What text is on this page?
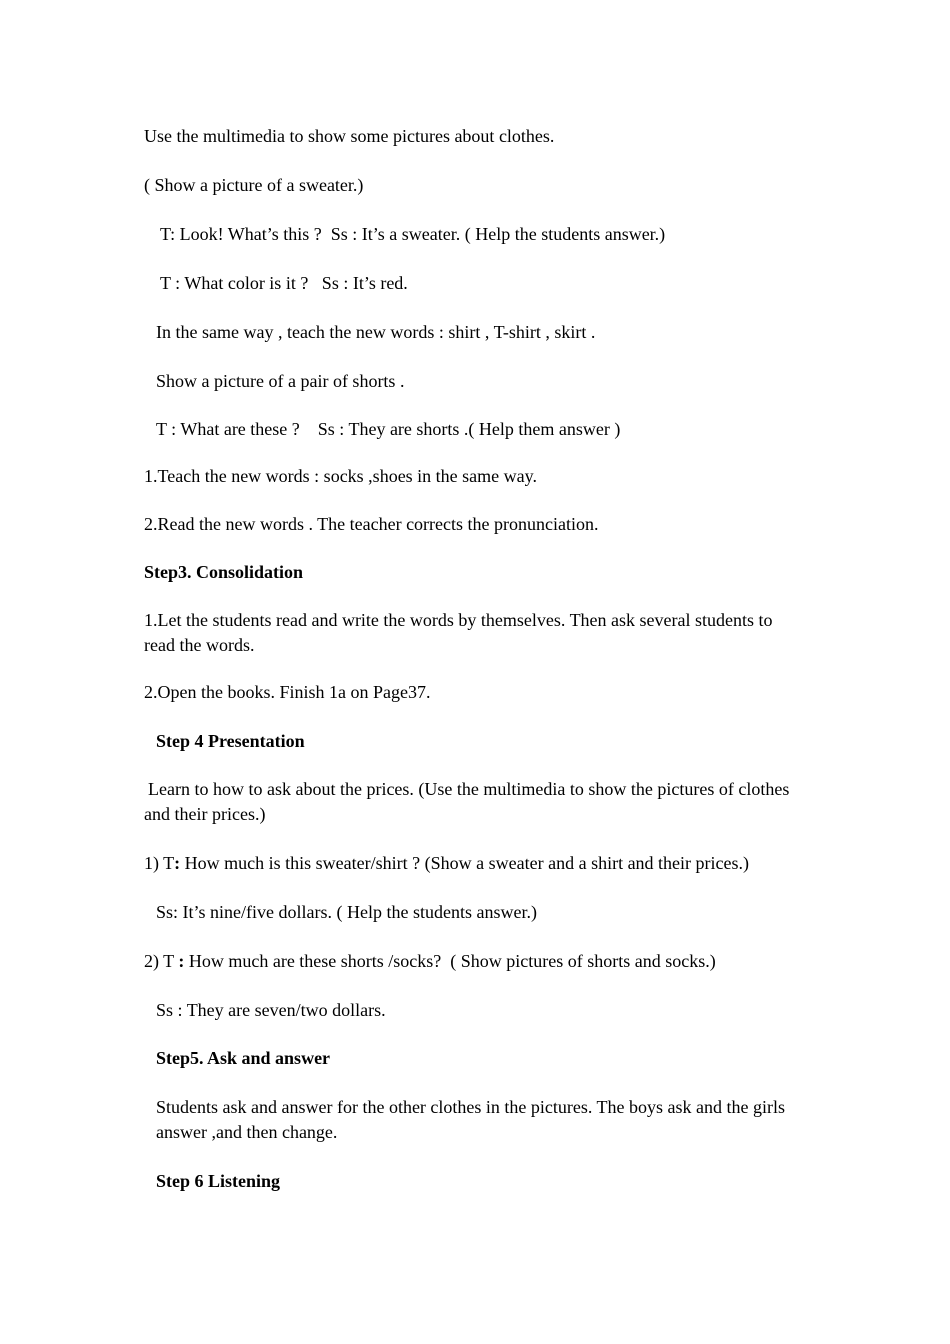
Use the multimedia to show some pictures about clothes.

( Show a picture of a sweater.)

T: Look! What’s this ?  Ss : It’s a sweater. ( Help the students answer.)

T : What color is it ?   Ss : It’s red.

In the same way , teach the new words : shirt , T-shirt , skirt .

Show a picture of a pair of shorts .

T : What are these ?    Ss : They are shorts .( Help them answer )

1.Teach the new words : socks ,shoes in the same way.

2.Read the new words . The teacher corrects the pronunciation.

Step3. Consolidation

1.Let the students read and write the words by themselves. Then ask several students to read the words.

2.Open the books. Finish 1a on Page37.

Step 4 Presentation

Learn to how to ask about the prices. (Use the multimedia to show the pictures of clothes and their prices.)

1) T: How much is this sweater/shirt ? (Show a sweater and a shirt and their prices.)

Ss: It’s nine/five dollars. ( Help the students answer.)

2) T : How much are these shorts /socks?  ( Show pictures of shorts and socks.)

Ss : They are seven/two dollars.

Step5. Ask and answer

Students ask and answer for the other clothes in the pictures. The boys ask and the girls answer ,and then change.

Step 6 Listening
